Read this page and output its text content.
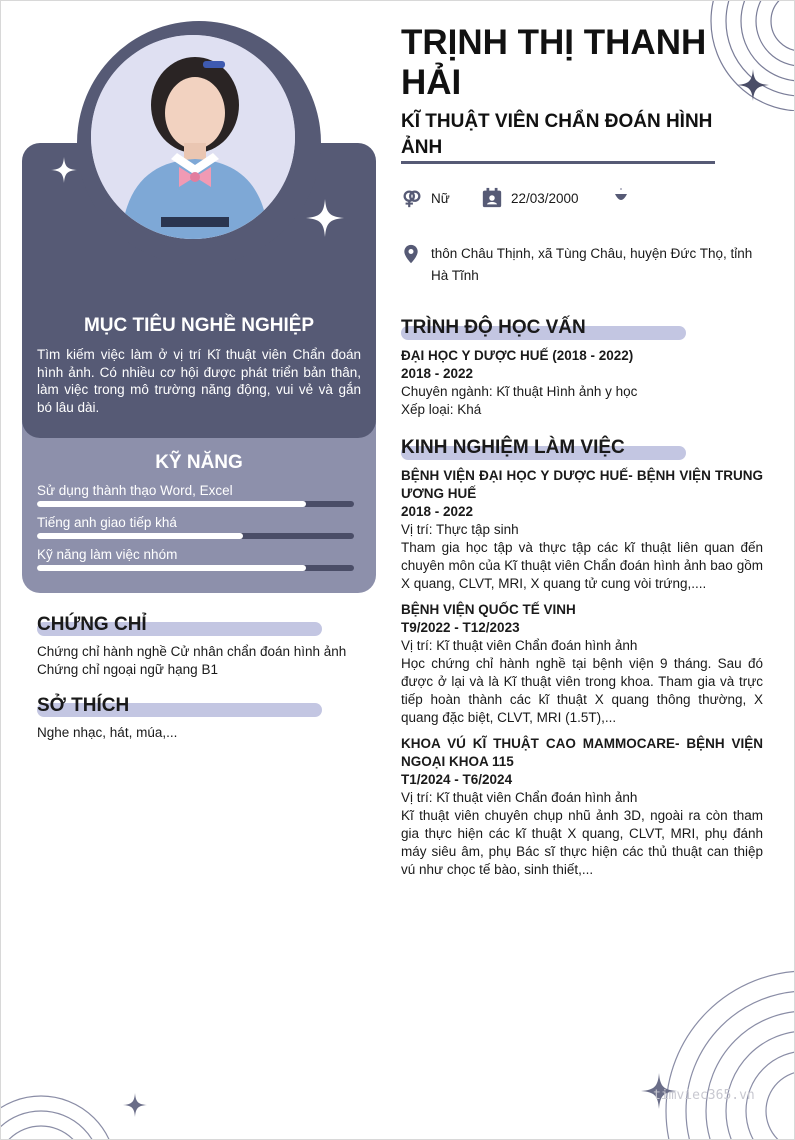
MỤC TIÊU NGHỀ NGHIỆP
Tìm kiếm việc làm ở vị trí Kĩ thuật viên Chẩn đoán hình ảnh. Có nhiều cơ hội được phát triển bản thân, làm việc trong mô trường năng động, vui vẻ và gắn bó lâu dài.
KỸ NĂNG
Sử dụng thành thạo Word, Excel
Tiếng anh giao tiếp khá
Kỹ năng làm việc nhóm
CHỨNG CHỈ
Chứng chỉ hành nghề Cử nhân chẩn đoán hình ảnh
Chứng chỉ ngoại ngữ hạng B1
SỞ THÍCH
Nghe nhạc, hát, múa,...
TRỊNH THỊ THANH HẢI
KĨ THUẬT VIÊN CHẨN ĐOÁN HÌNH ẢNH
Nữ	22/03/2000
thôn Châu Thịnh, xã Tùng Châu, huyện Đức Thọ, tỉnh Hà Tĩnh
TRÌNH ĐỘ HỌC VẤN
ĐẠI HỌC Y DƯỢC HUẾ (2018 - 2022)
2018 - 2022
Chuyên ngành: Kĩ thuật Hình ảnh y học
Xếp loại: Khá
KINH NGHIỆM LÀM VIỆC
BỆNH VIỆN ĐẠI HỌC Y DƯỢC HUẾ- BỆNH VIỆN TRUNG ƯƠNG HUẾ
2018 - 2022
Vị trí: Thực tập sinh
Tham gia học tập và thực tập các kĩ thuật liên quan đến chuyên môn của Kĩ thuật viên Chẩn đoán hình ảnh bao gồm X quang, CLVT, MRI, X quang tử cung vòi trứng,....
BỆNH VIỆN QUỐC TẾ VINH
T9/2022 - T12/2023
Vị trí: Kĩ thuật viên Chẩn đoán hình ảnh
Học chứng chỉ hành nghề tại bệnh viện 9 tháng. Sau đó được ở lại và là Kĩ thuật viên trong khoa. Tham gia và trực tiếp hoàn thành các kĩ thuật X quang thông thường, X quang đặc biệt, CLVT, MRI (1.5T),...
KHOA VÚ KĨ THUẬT CAO MAMMOCARE- BỆNH VIỆN NGOẠI KHOA 115
T1/2024 - T6/2024
Vị trí: Kĩ thuật viên Chẩn đoán hình ảnh
Kĩ thuật viên chuyên chụp nhũ ảnh 3D, ngoài ra còn tham gia thực hiện các kĩ thuật X quang, CLVT, MRI, phụ đánh máy siêu âm, phụ Bác sĩ thực hiện các thủ thuật can thiệp vú như chọc tế bào, sinh thiết,...
timviec365.vn
